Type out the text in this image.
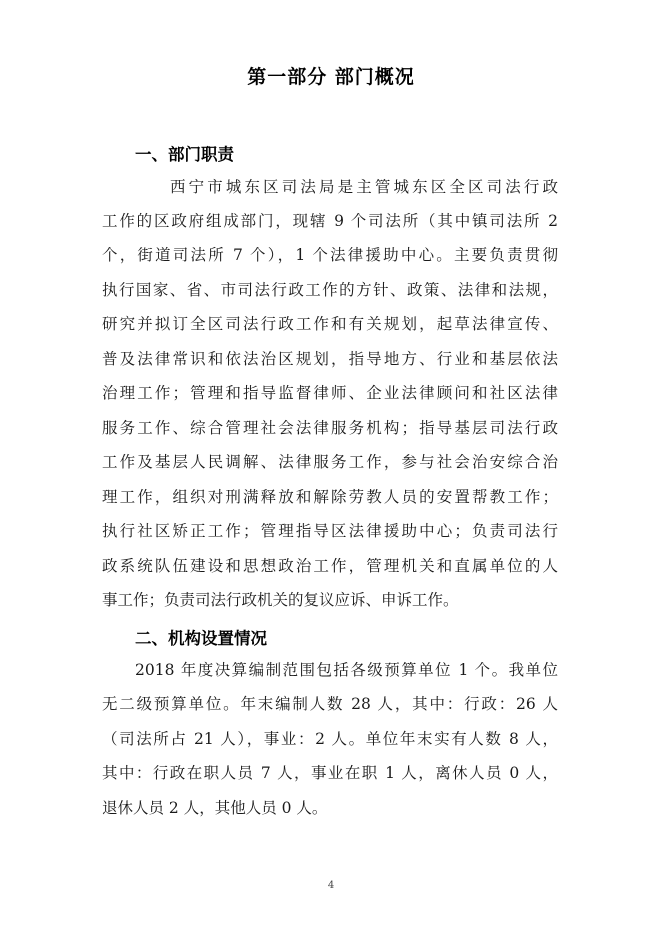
第一部分 部门概况
一、部门职责
西宁市城东区司法局是主管城东区全区司法行政
工作的区政府组成部门，现辖 9 个司法所（其中镇司法所 2
个，街道司法所 7 个），1 个法律援助中心。主要负责贯彻
执行国家、省、市司法行政工作的方针、政策、法律和法规，
研究并拟订全区司法行政工作和有关规划，起草法律宣传、
普及法律常识和依法治区规划，指导地方、行业和基层依法
治理工作；管理和指导监督律师、企业法律顾问和社区法律
服务工作、综合管理社会法律服务机构；指导基层司法行政
工作及基层人民调解、法律服务工作，参与社会治安综合治
理工作，组织对刑满释放和解除劳教人员的安置帮教工作；
执行社区矫正工作；管理指导区法律援助中心；负责司法行
政系统队伍建设和思想政治工作，管理机关和直属单位的人
事工作；负责司法行政机关的复议应诉、申诉工作。
二、机构设置情况
2018 年度决算编制范围包括各级预算单位 1 个。我单位
无二级预算单位。年末编制人数 28 人，其中：行政：26 人
（司法所占 21 人），事业：2 人。单位年末实有人数 8 人，
其中：行政在职人员 7 人，事业在职 1 人，离休人员 0 人，
退休人员 2 人，其他人员 0 人。
4
